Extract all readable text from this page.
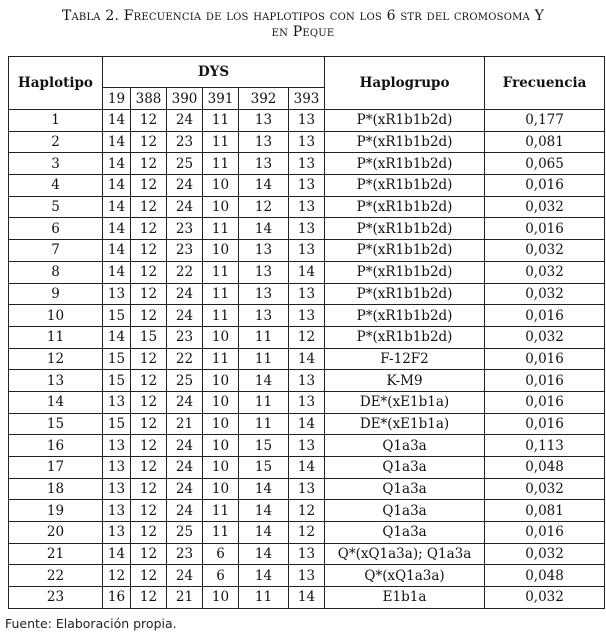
Tabla 2. Frecuencia de los haplotipos con los 6 str del cromosoma Y
en Peque
Haplotipo	DYS						Haplogrupo	Frecuencia
	19	388	390	391	392	393		
1	14	12	24	11	13	13	P*(xR1b1b2d)	0,177
2	14	12	23	11	13	13	P*(xR1b1b2d)	0,081
3	14	12	25	11	13	13	P*(xR1b1b2d)	0,065
4	14	12	24	10	14	13	P*(xR1b1b2d)	0,016
5	14	12	24	10	12	13	P*(xR1b1b2d)	0,032
6	14	12	23	11	14	13	P*(xR1b1b2d)	0,016
7	14	12	23	10	13	13	P*(xR1b1b2d)	0,032
8	14	12	22	11	13	14	P*(xR1b1b2d)	0,032
9	13	12	24	11	13	13	P*(xR1b1b2d)	0,032
10	15	12	24	11	13	13	P*(xR1b1b2d)	0,016
11	14	15	23	10	11	12	P*(xR1b1b2d)	0,032
12	15	12	22	11	11	14	F-12F2	0,016
13	15	12	25	10	14	13	K-M9	0,016
14	13	12	24	10	11	13	DE*(xE1b1a)	0,016
15	15	12	21	10	11	14	DE*(xE1b1a)	0,016
16	13	12	24	10	15	13	Q1a3a	0,113
17	13	12	24	10	15	14	Q1a3a	0,048
18	13	12	24	10	14	13	Q1a3a	0,032
19	13	12	24	11	14	12	Q1a3a	0,081
20	13	12	25	11	14	12	Q1a3a	0,016
21	14	12	23	6	14	13	Q*(xQ1a3a); Q1a3a	0,032
22	12	12	24	6	14	13	Q*(xQ1a3a)	0,048
23	16	12	21	10	11	14	E1b1a	0,032
Fuente: Elaboración propia.
